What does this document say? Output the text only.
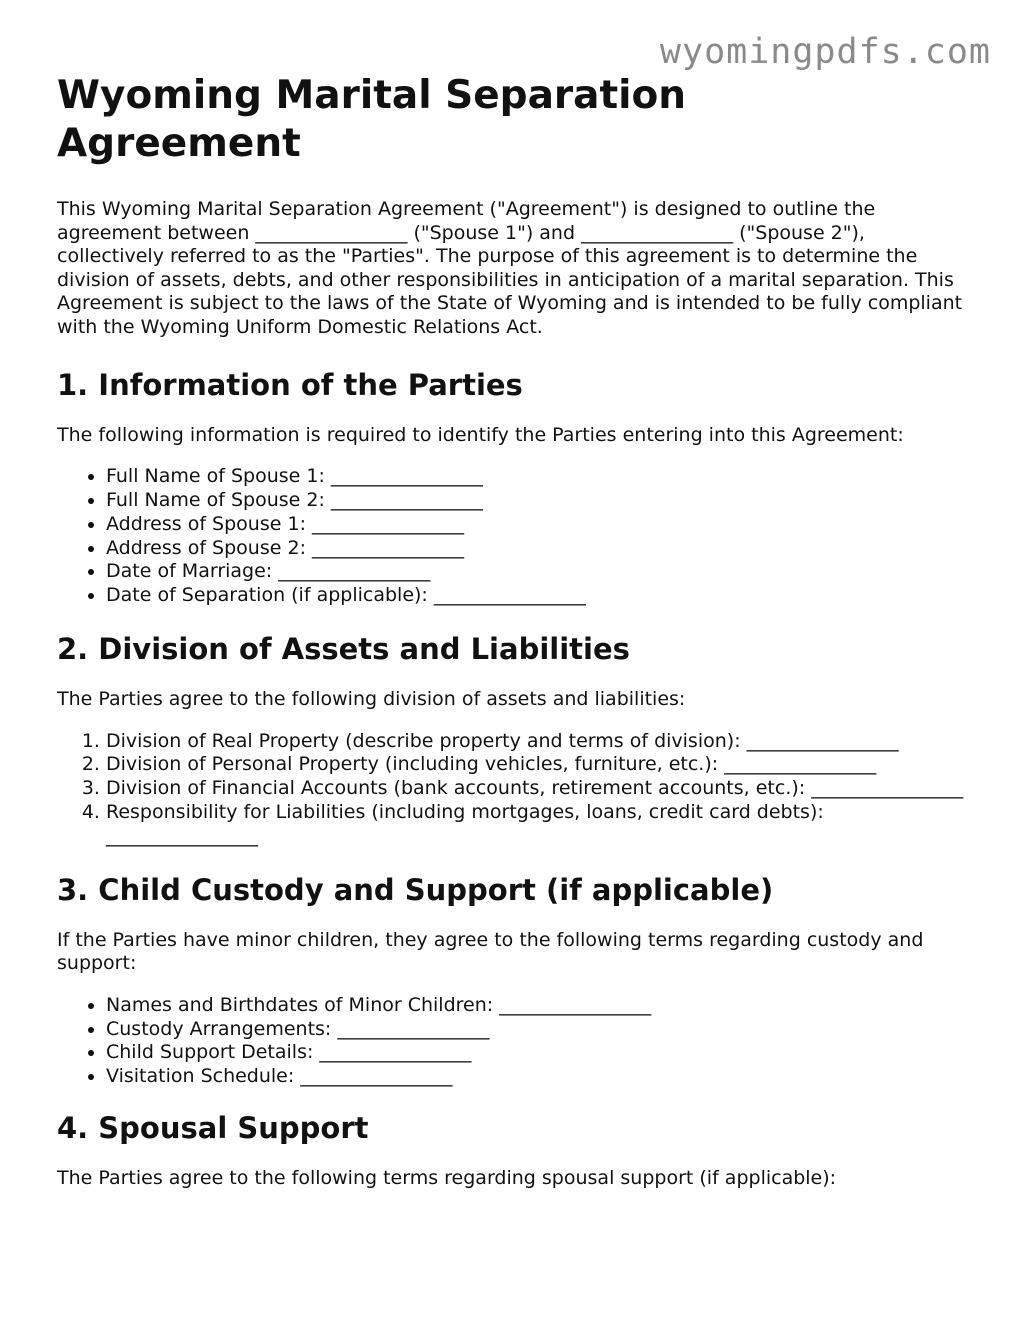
wyomingpdfs.com
Wyoming Marital Separation Agreement

This Wyoming Marital Separation Agreement ("Agreement") is designed to outline the agreement between ________________ ("Spouse 1") and ________________ ("Spouse 2"), collectively referred to as the "Parties". The purpose of this agreement is to determine the division of assets, debts, and other responsibilities in anticipation of a marital separation. This Agreement is subject to the laws of the State of Wyoming and is intended to be fully compliant with the Wyoming Uniform Domestic Relations Act.

1. Information of the Parties

The following information is required to identify the Parties entering into this Agreement:

• Full Name of Spouse 1: ________________
• Full Name of Spouse 2: ________________
• Address of Spouse 1: ________________
• Address of Spouse 2: ________________
• Date of Marriage: ________________
• Date of Separation (if applicable): ________________
2. Division of Assets and Liabilities

The Parties agree to the following division of assets and liabilities:

1. Division of Real Property (describe property and terms of division): ________________
2. Division of Personal Property (including vehicles, furniture, etc.): ________________
3. Division of Financial Accounts (bank accounts, retirement accounts, etc.): ________________
4. Responsibility for Liabilities (including mortgages, loans, credit card debts): ________________
3. Child Custody and Support (if applicable)

If the Parties have minor children, they agree to the following terms regarding custody and support:

• Names and Birthdates of Minor Children: ________________
• Custody Arrangements: ________________
• Child Support Details: ________________
• Visitation Schedule: ________________
4. Spousal Support

The Parties agree to the following terms regarding spousal support (if applicable):
